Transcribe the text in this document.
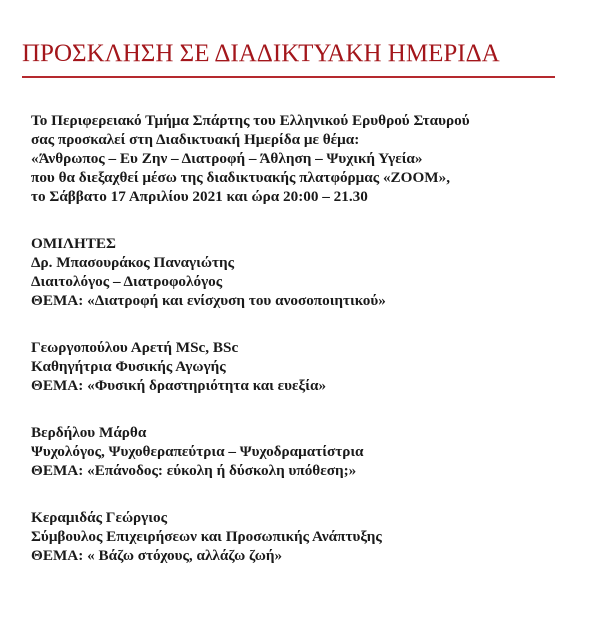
ΠΡΟΣΚΛΗΣΗ ΣΕ ΔΙΑΔΙΚΤΥΑΚΗ ΗΜΕΡΙΔΑ
Το Περιφερειακό Τμήμα Σπάρτης του Ελληνικού Ερυθρού Σταυρού
σας προσκαλεί στη Διαδικτυακή Ημερίδα με θέμα:
«Άνθρωπος – Ευ Ζην – Διατροφή – Άθληση – Ψυχική Υγεία»
που θα διεξαχθεί μέσω της διαδικτυακής πλατφόρμας «ZOOM»,
το Σάββατο 17 Απριλίου 2021 και ώρα 20:00 – 21.30
ΟΜΙΛΗΤΕΣ
Δρ. Μπασουράκος Παναγιώτης
Διαιτολόγος – Διατροφολόγος
ΘΕΜΑ: «Διατροφή και ενίσχυση του ανοσοποιητικού»
Γεωργοπούλου Αρετή MSc, BSc
Καθηγήτρια Φυσικής Αγωγής
ΘΕΜΑ: «Φυσική δραστηριότητα και ευεξία»
Βερδήλου Μάρθα
Ψυχολόγος, Ψυχοθεραπεύτρια – Ψυχοδραματίστρια
ΘΕΜΑ: «Επάνοδος: εύκολη ή δύσκολη υπόθεση;»
Κεραμιδάς Γεώργιος
Σύμβουλος Επιχειρήσεων και Προσωπικής Ανάπτυξης
ΘΕΜΑ: « Βάζω στόχους, αλλάζω ζωή»
